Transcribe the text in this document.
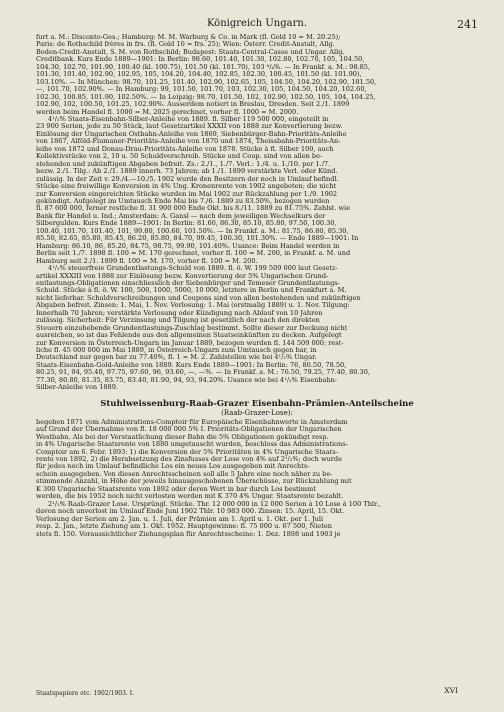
Königreich Ungarn.	241

furt a. M.: Disconto-Ges.; Hamburg: M. M. Warburg & Co. in Mark (fl. Gold 10 = M. 20.25);

Paris: de Rothschild frères in frs. (fl. Gold 10 = frs. 25); Wien: Österr. Credit-Anstalt, Allg.

Boden-Credit-Anstalt, S. M. von Rothschild; Budapest: Staats-Central-Casse und Ungar. Allg.

Creditbank. Kurs Ende 1889—1901: In Berlin: 98.60, 101.40, 101.30, 102.80, 102.70, 105, 104.50,

104.30, 102.70, 101.90, 100.40 (kl. 100.75), 101.50 (kl. 101.70), 103 ⁸/₄%. — In Frankf. a. M.: 98.85,

101.30, 101.40, 102.90, 102.95, 105, 104.20, 104.40, 102.85, 102.30, 100.45, 101.50 (kl. 101.90),

103.10%. — In München: 98.70, 101.25, 101.40, 102.90, 102.65, 105, 104.50, 104.20, 102.90, 101.50,

—, 101.70, 102.90%. — In Hamburg: 99, 101.50, 101.70, 103, 102.30, 105, 104.50, 104.20, 102.60,

102.30, 100.85, 101.90, 102.50%. — In Leipzig: 98.70, 101.50, 102, 102.90, 102.50, 105, 104, 104.25,

102.90, 102, 100.50, 101.25, 102.90%. Ausserdem notiert in Breslau, Dresden. Seit 2./1. 1899

werden beim Handel fl. 1000 = M. 2025 gerechnet, vorher fl. 1000 = M. 2000.

4¹/₂% Staats-Eisenbahn-Silber-Anleihe von 1889. fl. Silber 119 500 000, eingeteilt in

23 900 Serien, jede zu 50 Stück, laut Gesetzartikel XXXII von 1888 zur Konvertierung bezw.

Einlösung der Ungarischen Ostbahn-Anleihe von 1869, Siebenbürger-Bahn-Prioritäts-Anleihe

von 1867, Alföld-Fiumaner-Prioritäts-Anleihe von 1870 und 1874, Theissbahn-Prioritäts-An-

leihe von 1872 und Donau-Drau-Prioritäts-Anleihe von 1878. Stücke à fl. Silber 100, auch

Kollektivstücke von 2, 10 u. 50 Schuldverschreib. Stücke und Coup. sind von allen be-

stehenden und zukünftigen Abgaben befreit. Zs.: 2./1., 1./7. Verl.: 1./4. u. 1./10. per 1./7.

bezw. 2./1. Tilg.: Ab 2./1. 1889 innerh. 73 Jahren; ab 1./1. 1899 verstärkte Verl. oder Künd.

zulässig. In der Zeit v. 29./4.—10./5. 1902 wurde den Besitzern der noch in Umlauf befindl.

Stücke eine freiwillige Konversion in 4% Ung. Kronenrente von 1902 angeboten; die nicht

zur Konversion eingereichten Stücke wurden im Mai 1902 zur Rückzahlung per 1./9. 1902

gekündigt. Aufgelegt im Umtausch Ende Mai bis 7./6. 1889 zu 83.50%, bezogen wurden

fl. 87 600 000, ferner restliche fl. 31 900 000 Ende Okt. bis 8./11. 1889 zu 81.75%. Zahlst. wie

Bank für Handel u. Ind.; Amsterdam: A. Gansl — nach dem jeweiligen Wechselkurs der

Silbergulden. Kurs Ende 1889—1901: In Berlin: 81.60, 86.30, 85.10, 85.80, 97.50, 100.30,

100.40, 101.70, 101.40, 101, 99.80, 100.60, 101.50%. — In Frankf. a. M.: 81.75, 86.80, 85.30,

85.50, 82.65, 85.80, 85.45, 86.20, 85.80, 84.70, 99.45, 100.30, 101.30%. — Ende 1889—1901: In

Hamburg: 86.10, 86, 85.20, 84.75, 98.75, 99.90, 101.40%. Usance: Beim Handel werden in

Berlin seit 1./7. 1898 fl. 100 = M. 170 gerechnet, vorher fl. 100 = M. 200, in Frankf. a. M. und

Hamburg seit 2./1. 1899 fl. 100 = M. 170, vorher fl. 100 = M. 200.

4¹/₂% steuerfreie Grundentlastungs-Schuld von 1889. fl. ö. W. 199 509 000 laut Gesetz-

artikel XXXIII von 1888 zur Einlösung bezw. Konvertierung der 5% Ungarischen Grund-

entlastungs-Obligationen einschliesslich der Siebenbürger und Temeser Grundentlastungs-

Schuld. Stücke à fl. ö. W. 100, 500, 1000, 5000, 10 000, letztere in Berlin und Frankfurt a. M.

nicht lieferbar. Schuldverschreibungen und Coupons sind von allen bestehenden und zukünftigen

Abgaben befreit. Zinsen: 1. Mai, 1. Nov. Verlosung: 1. Mai (erstmalig 1889) u. 1. Nov. Tilgung:

Innerhalb 70 Jahren; verstärkte Verlosung oder Kündigung nach Ablauf von 10 Jahren

zulässig. Sicherheit: Für Verzinsung und Tilgung ist gesetzlich der nach den direkten

Steuern einzuhebende Grundentlastungs-Zuschlag bestimmt. Sollte dieser zur Deckung nicht

ausreichen, so ist das Fehlende aus den allgemeinen Staatseinkünften zu decken. Aufgelegt

zur Konversion in Österreich-Ungarn im Januar 1889, bezogen wurden fl. 144 509 000; rest-

liche fl. 45 000 000 im Mai 1889, in Österreich-Ungarn zum Umtausch gegen bar, in

Deutschland nur gegen bar zu 77.40%, fl. 1 = M. 2. Zahlstellen wie bei 4¹/₂% Ungar.

Staats-Eisenbahn-Gold-Anleihe von 1889. Kurs Ende 1889—1901: In Berlin: 76, 80.50, 78.50,

80.25, 91, 94, 95.40, 97.75, 97.60, 96, 93.60, —, —%. — In Frankf. a. M.: 76.50, 79.25, 77.40, 80.30,

77.30, 80.80, 81.35, 83.75, 83.40, 81.90, 94, 93, 94.20%. Usance wie bei 4¹/₂% Eisenbahn-

Silber-Anleihe von 1889.

Stuhlweissenburg-Raab-Grazer Eisenbahn-Prämien-Anteilscheine
(Raab-Grazer-Lose):

begeben 1871 vom Administrations-Comptoir für Europäische Eisenbahnwerte in Amsterdam

auf Grund der Übernahme von fl. 18 000 000 5% I. Prioritäts-Obligationen der Ungarischen

Westbahn. Als bei der Verstaatlichung dieser Bahn die 5% Obligationen gekündigt resp.

in 4% Ungarische Staatsrente von 1880 umgetauscht wurden, beschloss das Administrations-

Comptoir am 6. Febr. 1893: 1) die Konversion der 5% Prioritäten in 4% Ungarische Staats-

rente von 1892, 2) die Herabsetzung des Zinsfusses der Lose von 4% auf 2¹/₂%; doch wurde

für jedes noch im Umlauf befindliche Los ein neues Los ausgegeben mit Anrechts-

schein ausgegeben. Von diesen Anrechtsscheinen soll alle 5 Jahre eine noch näher zu be-

stimmende Anzahl, in Höhe der jeweils hinausgeschobenen Überschüsse, zur Rückzahlung mit

K 300 Ungarische Staatsrente von 1892 oder deren Wert in bar durch Los bestimmt

werden, die bis 1952 noch nicht verlosten werden mit K 370 4% Ungar. Staatsrente bezahlt.

2¹/₂% Raab-Grazer Lose. Ursprüngl. Stücke. Thr. 12 000 000 in 12 000 Serien à 10 Lose à 100 Thlr.,

davon noch unverlost im Umlauf Ende Juni 1902 Thlr. 10 983 000. Zinsen: 15. April, 15. Okt.

Verlosung der Serien am 2. Jan. u. 1. Juli, der Prämien am 1. April u. 1. Okt. per 1. Juli

resp. 2. Jan., letzte Ziehung am 1. Okt. 1952. Hauptgewinne: fl. 75 000 u. 67 500, Nieten

stets fl. 150. Voraussichtlicher Ziehungsplan für Anrechtsscheine: 1. Dez. 1898 und 1903 je

Staatspapiere etc. 1902/1903. I.	XVI
